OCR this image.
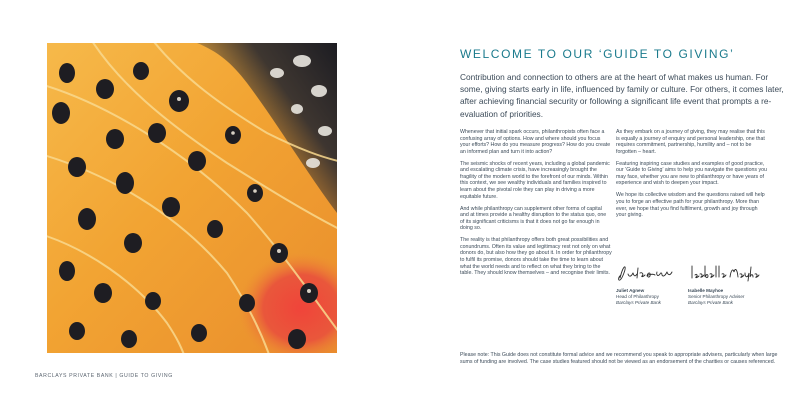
BARCLAYS PRIVATE BANK | GUIDE TO GIVING
WELCOME TO OUR ‘GUIDE TO GIVING’
Contribution and connection to others are at the heart of what makes us human. For some, giving starts early in life, influenced by family or culture. For others, it comes later, after achieving financial security or following a significant life event that prompts a re-evaluation of priorities.

Whenever that initial spark occurs, philanthropists often face a confusing array of options. How and where should you focus your efforts? How do you measure progress? How do you create an informed plan and turn it into action?

The seismic shocks of recent years, including a global pandemic and escalating climate crisis, have increasingly brought the fragility of the modern world to the forefront of our minds. Within this context, we see wealthy individuals and families inspired to learn about the pivotal role they can play in driving a more equitable future.

And while philanthropy can supplement other forms of capital and at times provide a healthy disruption to the status quo, one of its significant criticisms is that it does not go far enough in doing so.

The reality is that philanthropy offers both great possibilities and conundrums. Often its value and legitimacy rest not only on what donors do, but also how they go about it. In order for philanthropy to fulfil its promise, donors should take the time to learn about what the world needs and to reflect on what they bring to the table. They should know themselves – and recognise their limits.

As they embark on a journey of giving, they may realise that this is equally a journey of enquiry and personal leadership, one that requires commitment, partnership, humility and – not to be forgotten – heart.

Featuring inspiring case studies and examples of good practice, our ‘Guide to Giving’ aims to help you navigate the questions you may face, whether you are new to philanthropy or have years of experience and wish to deepen your impact.

We hope its collective wisdom and the questions raised will help you to forge an effective path for your philanthropy. More than ever, we hope that you find fulfilment, growth and joy through your giving.

Juliet Agnew
Head of Philanthropy
Barclays Private Bank
Isabelle Mayhoe
Senior Philanthropy Adviser
Barclays Private Bank
Please note: This Guide does not constitute formal advice and we recommend you speak to appropriate advisers, particularly when large sums of funding are involved. The case studies featured should not be viewed as an endorsement of the charities or causes referenced.
